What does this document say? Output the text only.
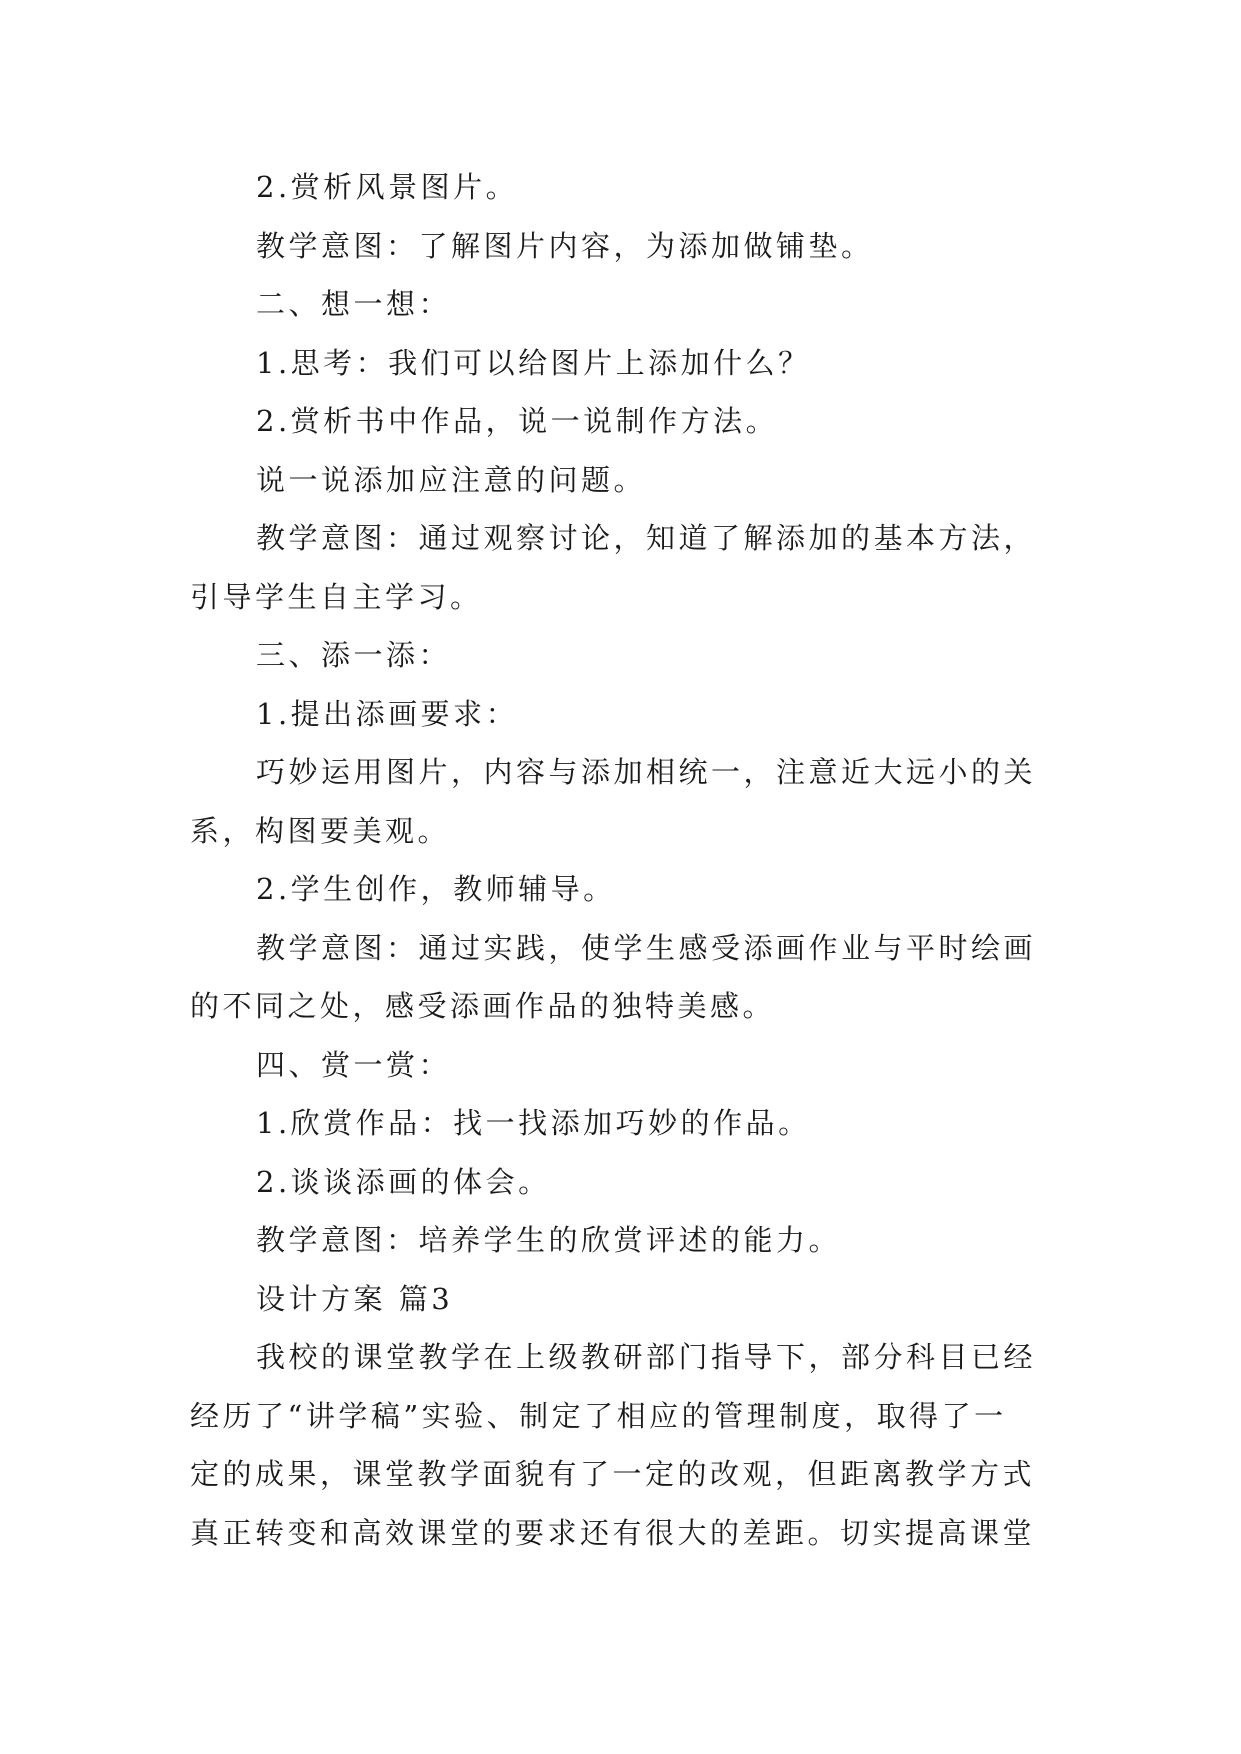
2.赏析风景图片。
教学意图：了解图片内容，为添加做铺垫。
二、想一想：
1.思考：我们可以给图片上添加什么？
2.赏析书中作品，说一说制作方法。
说一说添加应注意的问题。
教学意图：通过观察讨论，知道了解添加的基本方法，
引导学生自主学习。
三、添一添：
1.提出添画要求：
巧妙运用图片，内容与添加相统一，注意近大远小的关
系，构图要美观。
2.学生创作，教师辅导。
教学意图：通过实践，使学生感受添画作业与平时绘画
的不同之处，感受添画作品的独特美感。
四、赏一赏：
1.欣赏作品：找一找添加巧妙的作品。
2.谈谈添画的体会。
教学意图：培养学生的欣赏评述的能力。
设计方案 篇3
我校的课堂教学在上级教研部门指导下，部分科目已经
经历了“讲学稿”实验、制定了相应的管理制度，取得了一
定的成果，课堂教学面貌有了一定的改观，但距离教学方式
真正转变和高效课堂的要求还有很大的差距。切实提高课堂
